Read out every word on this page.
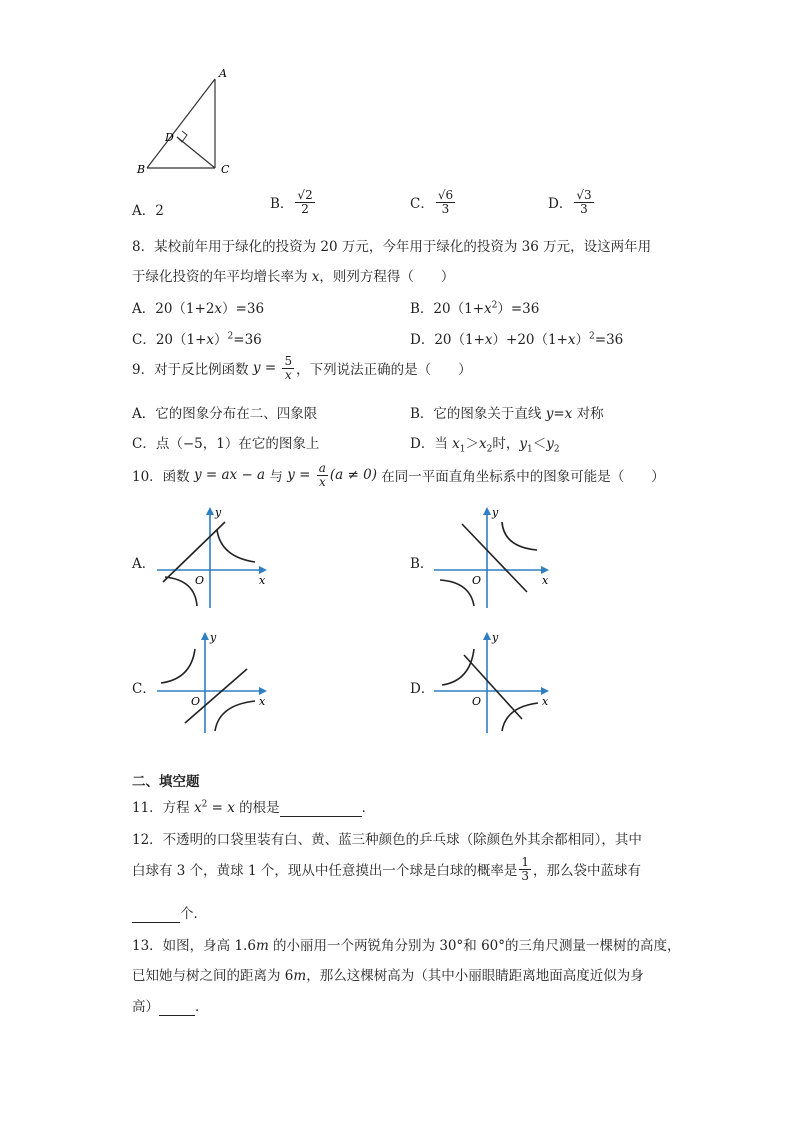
A
B	C
D
A．2	B． $\frac{√2}{2}$	C． $\frac{√6}{3}$	D． $\frac{√3}{3}$
8．某校前年用于绿化的投资为 20 万元，今年用于绿化的投资为 36 万元，设这两年用
于绿化投资的年平均增长率为 x，则列方程得（　　）
A．20（1+2x）=36	B．$20(1+x^2)=36$
C．$20(1+x)^2=36$	D．$20(1+x)+20(1+x)^2=36$
9．对于反比例函数 $y = \frac{5}{x}$ ，下列说法正确的是（　　）
A．它的图象分布在二、四象限	B．它的图象关于直线 y=x 对称
C．点（−5，1）在它的图象上	D．当 $x_1>x_2$时，$y_1<y_2$
10．函数 y = ax − a 与 $y = \frac{a}{x} (a \ne 0)$ 在同一平面直角坐标系中的图象可能是（　　）
A．	B．
C．	D．
O	x
y
O	x
y
O	x
y
O	x
y
二、填空题
11．方程 $x^2 = x$ 的根是	．
12．不透明的口袋里装有白、黄、蓝三种颜色的乒乓球（除颜色外其余都相同），其中
白球有 3 个，黄球 1 个，现从中任意摸出一个球是白球的概率是 $\frac{1}{3}$ ，那么袋中蓝球有
个．
13．如图，身高 1.6m 的小丽用一个两锐角分别为 30°和 60°的三角尺测量一棵树的高度，
已知她与树之间的距离为 6m，那么这棵树高为（其中小丽眼睛距离地面高度近似为身
高）	．
